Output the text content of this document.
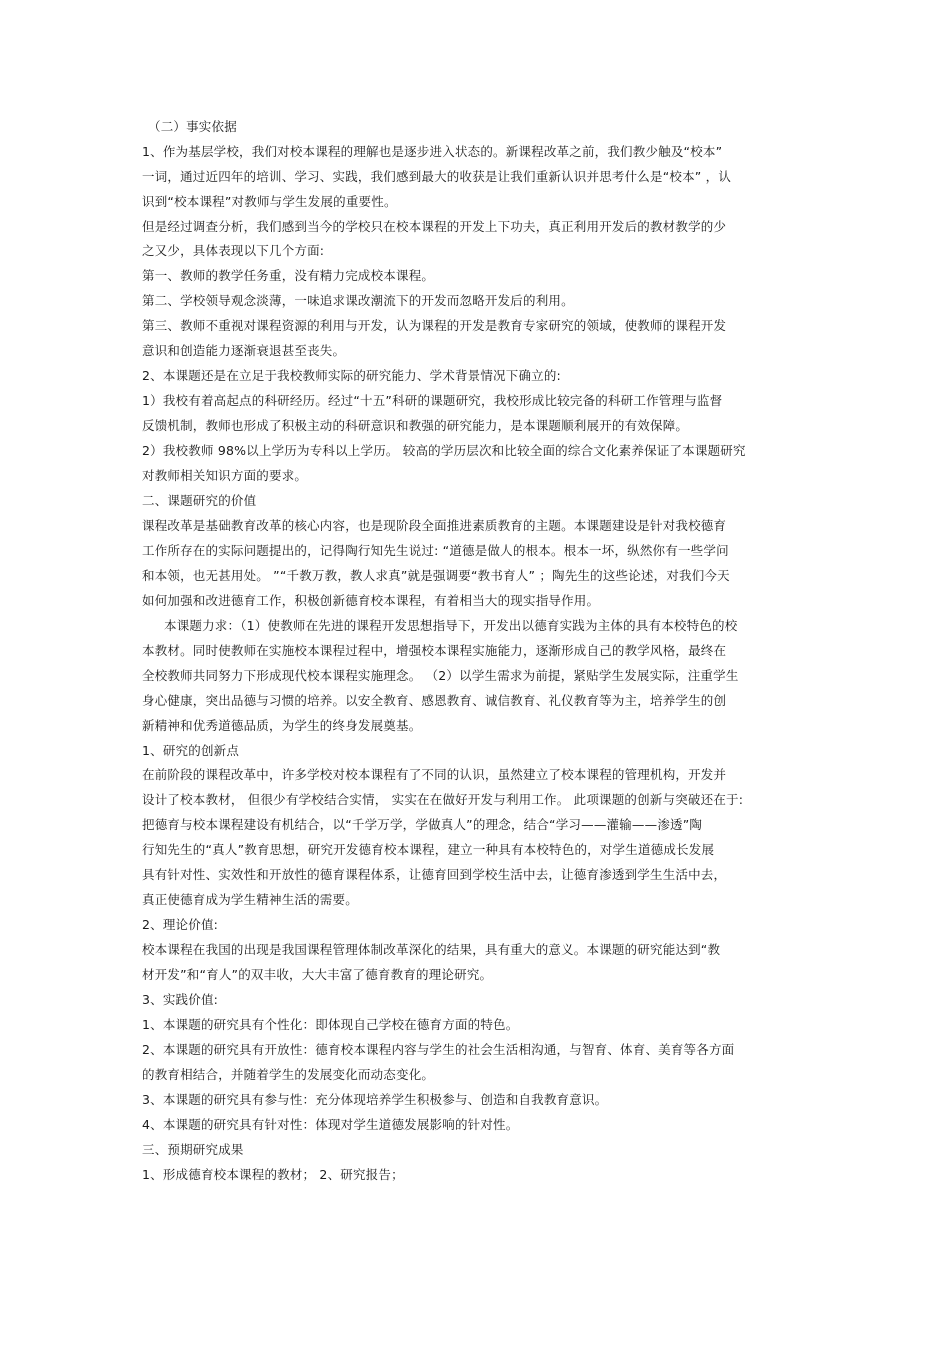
（二）事实依据
1、作为基层学校，我们对校本课程的理解也是逐步进入状态的。新课程改革之前，我们教少触及“校本”
一词，通过近四年的培训、学习、实践，我们感到最大的收获是让我们重新认识并思考什么是“校本” ，认
识到“校本课程”对教师与学生发展的重要性。
但是经过调查分析，我们感到当今的学校只在校本课程的开发上下功夫，真正利用开发后的教材教学的少
之又少，具体表现以下几个方面:
第一、教师的教学任务重，没有精力完成校本课程。
第二、学校领导观念淡薄，一味追求课改潮流下的开发而忽略开发后的利用。
第三、教师不重视对课程资源的利用与开发，认为课程的开发是教育专家研究的领域，使教师的课程开发
意识和创造能力逐渐衰退甚至丧失。
2、本课题还是在立足于我校教师实际的研究能力、学术背景情况下确立的:
1）我校有着高起点的科研经历。经过“十五”科研的课题研究，我校形成比较完备的科研工作管理与监督
反馈机制，教师也形成了积极主动的科研意识和教强的研究能力，是本课题顺利展开的有效保障。
2）我校教师 98%以上学历为专科以上学历。 较高的学历层次和比较全面的综合文化素养保证了本课题研究
对教师相关知识方面的要求。
二、课题研究的价值
课程改革是基础教育改革的核心内容，也是现阶段全面推进素质教育的主题。本课题建设是针对我校德育
工作所存在的实际问题提出的，记得陶行知先生说过: “道德是做人的根本。根本一坏，纵然你有一些学问
和本领，也无甚用处。 ”“千教万教，教人求真”就是强调要“教书育人” ；陶先生的这些论述，对我们今天
如何加强和改进德育工作，积极创新德育校本课程，有着相当大的现实指导作用。
本课题力求：（1）使教师在先进的课程开发思想指导下，开发出以德育实践为主体的具有本校特色的校
本教材。同时使教师在实施校本课程过程中，增强校本课程实施能力，逐渐形成自己的教学风格，最终在
全校教师共同努力下形成现代校本课程实施理念。 （2）以学生需求为前提，紧贴学生发展实际，注重学生
身心健康，突出品德与习惯的培养。以安全教育、感恩教育、诚信教育、礼仪教育等为主，培养学生的创
新精神和优秀道德品质，为学生的终身发展奠基。
1、研究的创新点
在前阶段的课程改革中，许多学校对校本课程有了不同的认识，虽然建立了校本课程的管理机构，开发并
设计了校本教材， 但很少有学校结合实情， 实实在在做好开发与利用工作。 此项课题的创新与突破还在于:
把德育与校本课程建设有机结合，以“千学万学，学做真人”的理念，结合“学习——灌输——渗透”陶
行知先生的“真人”教育思想，研究开发德育校本课程，建立一种具有本校特色的，对学生道德成长发展
具有针对性、实效性和开放性的德育课程体系，让德育回到学校生活中去，让德育渗透到学生生活中去，
真正使德育成为学生精神生活的需要。
2、理论价值:
校本课程在我国的出现是我国课程管理体制改革深化的结果，具有重大的意义。本课题的研究能达到“教
材开发”和“育人”的双丰收，大大丰富了德育教育的理论研究。
3、实践价值:
1、本课题的研究具有个性化：即体现自己学校在德育方面的特色。
2、本课题的研究具有开放性：德育校本课程内容与学生的社会生活相沟通，与智育、体育、美育等各方面
的教育相结合，并随着学生的发展变化而动态变化。
3、本课题的研究具有参与性：充分体现培养学生积极参与、创造和自我教育意识。
4、本课题的研究具有针对性：体现对学生道德发展影响的针对性。
三、预期研究成果
1、形成德育校本课程的教材； 2、研究报告；
